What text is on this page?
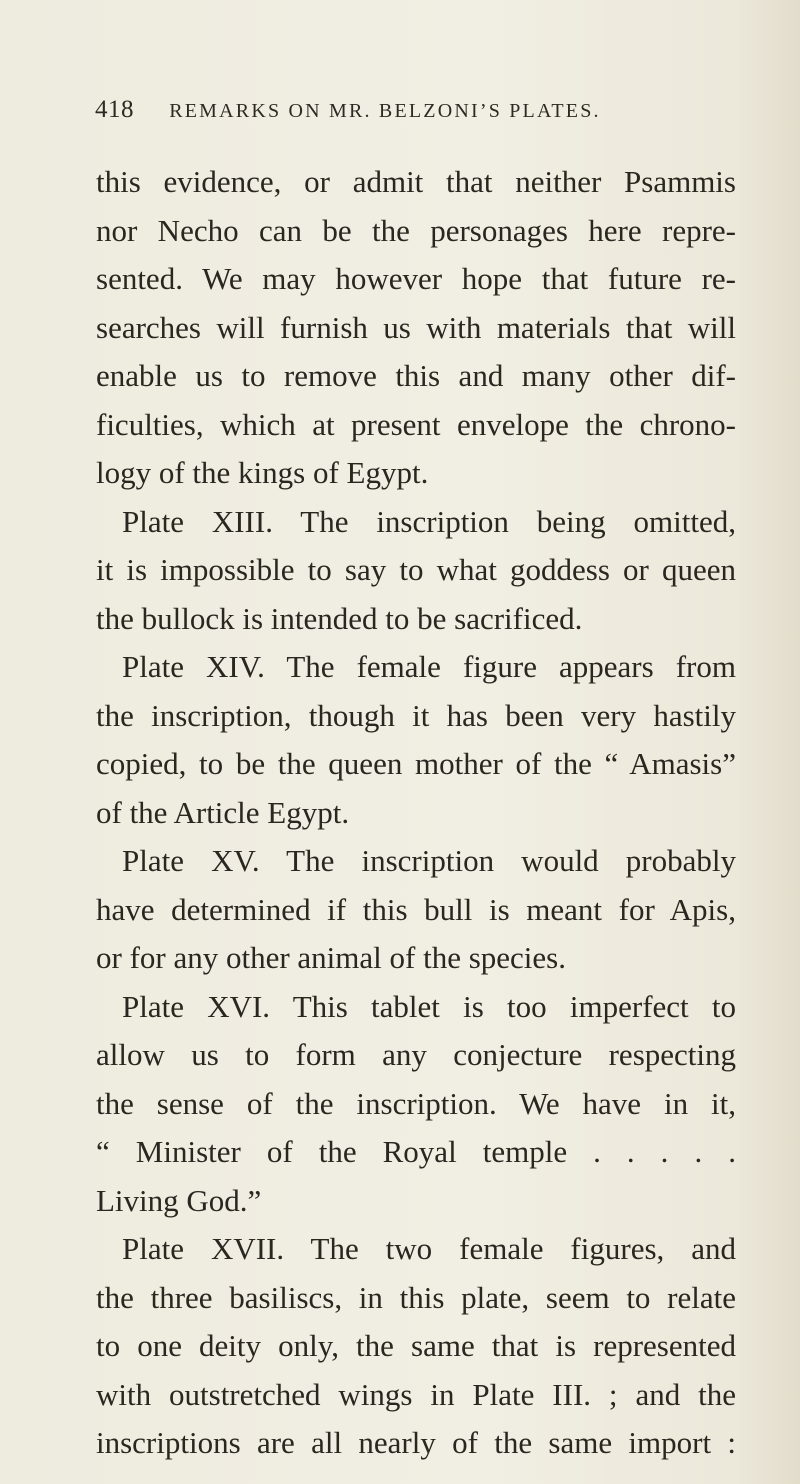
418 REMARKS ON MR. BELZONI’S PLATES.
this evidence, or admit that neither Psammis
nor Necho can be the personages here repre-
sented. We may however hope that future re-
searches will furnish us with materials that will
enable us to remove this and many other dif-
ficulties, which at present envelope the chrono-
logy of the kings of Egypt.
Plate XIII. The inscription being omitted,
it is impossible to say to what goddess or queen
the bullock is intended to be sacrificed.
Plate XIV. The female figure appears from
the inscription, though it has been very hastily
copied, to be the queen mother of the “ Amasis”
of the Article Egypt.
Plate XV. The inscription would probably
have determined if this bull is meant for Apis,
or for any other animal of the species.
Plate XVI. This tablet is too imperfect to
allow us to form any conjecture respecting
the sense of the inscription. We have in it,
“ Minister of the Royal temple . . . . .
Living God.”
Plate XVII. The two female figures, and
the three basiliscs, in this plate, seem to relate
to one deity only, the same that is represented
with outstretched wings in Plate III. ; and the
inscriptions are all nearly of the same import :
